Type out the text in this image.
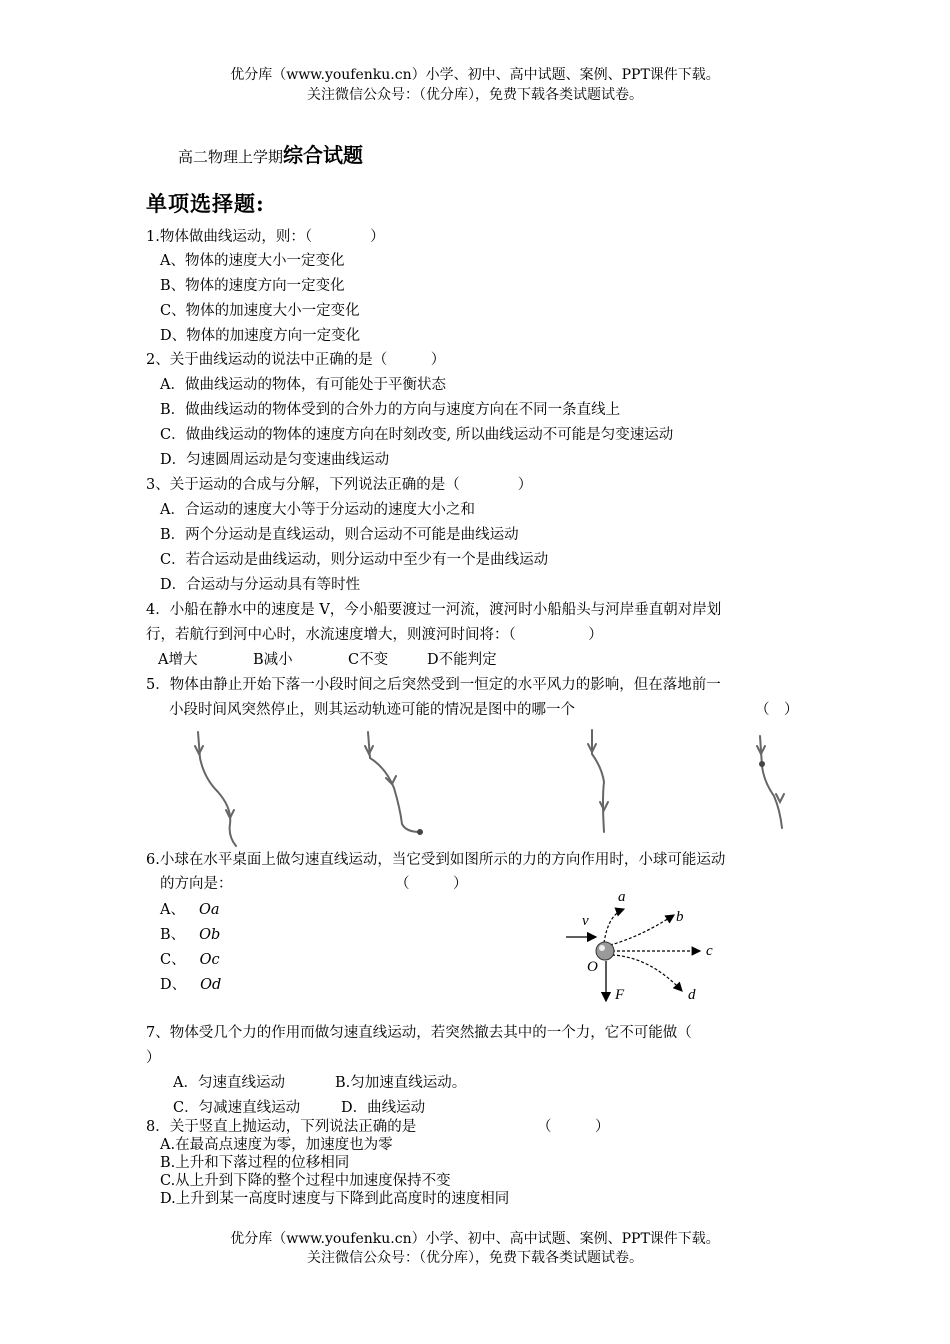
优分库（www.youfenku.cn）小学、初中、高中试题、案例、PPT课件下载。
关注微信公众号：（优分库），免费下载各类试题试卷。
高二物理上学期综合试题
单项选择题:
1.物体做曲线运动，则：（　　　　）
A、物体的速度大小一定变化
B、物体的速度方向一定变化
C、物体的加速度大小一定变化
D、物体的加速度方向一定变化
2、关于曲线运动的说法中正确的是（　　　）
A．做曲线运动的物体，有可能处于平衡状态
B．做曲线运动的物体受到的合外力的方向与速度方向在不同一条直线上
C．做曲线运动的物体的速度方向在时刻改变, 所以曲线运动不可能是匀变速运动
D．匀速圆周运动是匀变速曲线运动
3、关于运动的合成与分解，下列说法正确的是（　　　　）
A．合运动的速度大小等于分运动的速度大小之和
B．两个分运动是直线运动，则合运动不可能是曲线运动
C．若合运动是曲线运动，则分运动中至少有一个是曲线运动
D．合运动与分运动具有等时性
4．小船在静水中的速度是 V，今小船要渡过一河流，渡河时小船船头与河岸垂直朝对岸划
行，若航行到河中心时，水流速度增大，则渡河时间将：（　　　　　）
A增大	B减小	C不变	D不能判定
5．物体由静止开始下落一小段时间之后突然受到一恒定的水平风力的影响，但在落地前一
小段时间风突然停止，则其运动轨迹可能的情况是图中的哪一个	（　）
6.小球在水平桌面上做匀速直线运动，当它受到如图所示的力的方向作用时，小球可能运动
的方向是：	（　　　）
A、 Oa
B、 Ob
C、 Oc
D、 Od
a
b
c
d
v
O
F
7、物体受几个力的作用而做匀速直线运动，若突然撤去其中的一个力，它不可能做（
）
A．匀速直线运动	B.匀加速直线运动。
C．匀减速直线运动	D．曲线运动
8．关于竖直上抛运动，下列说法正确的是	（　　　）
A.在最高点速度为零，加速度也为零
B.上升和下落过程的位移相同
C.从上升到下降的整个过程中加速度保持不变
D.上升到某一高度时速度与下降到此高度时的速度相同
优分库（www.youfenku.cn）小学、初中、高中试题、案例、PPT课件下载。
关注微信公众号：（优分库），免费下载各类试题试卷。
